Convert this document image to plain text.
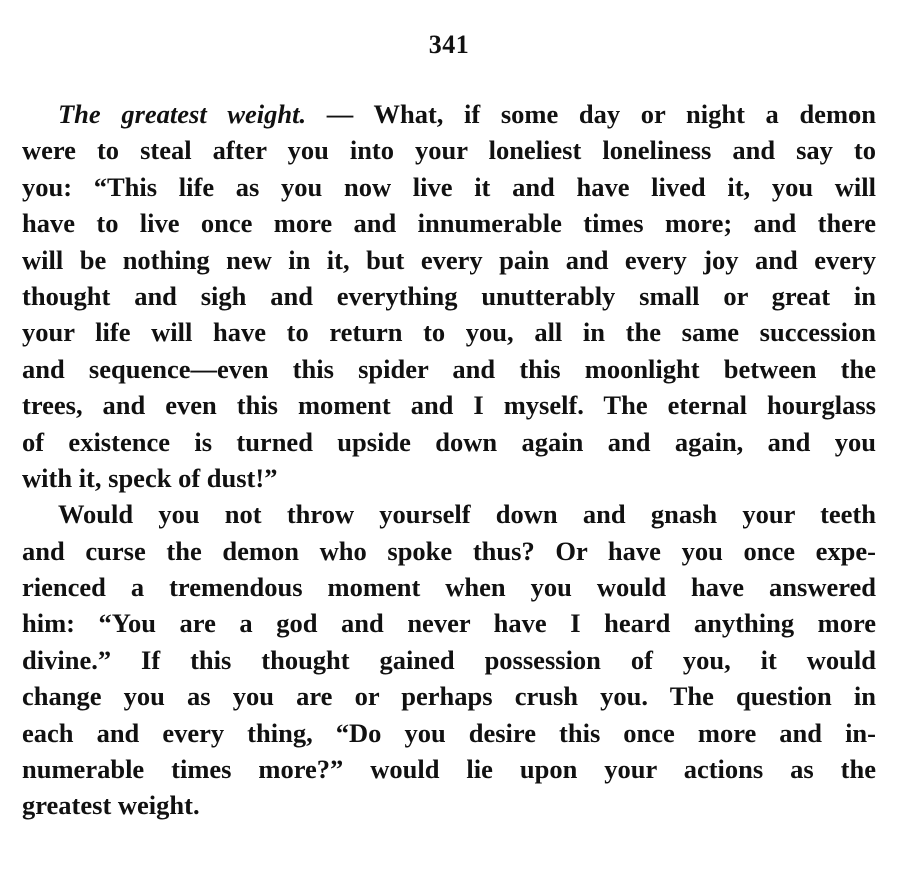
341
The greatest weight. — What, if some day or night a demon
were to steal after you into your loneliest loneliness and say to
you: “This life as you now live it and have lived it, you will
have to live once more and innumerable times more; and there
will be nothing new in it, but every pain and every joy and every
thought and sigh and everything unutterably small or great in
your life will have to return to you, all in the same succession
and sequence—even this spider and this moonlight between the
trees, and even this moment and I myself. The eternal hourglass
of existence is turned upside down again and again, and you
with it, speck of dust!”
Would you not throw yourself down and gnash your teeth
and curse the demon who spoke thus? Or have you once expe-
rienced a tremendous moment when you would have answered
him: “You are a god and never have I heard anything more
divine.” If this thought gained possession of you, it would
change you as you are or perhaps crush you. The question in
each and every thing, “Do you desire this once more and in-
numerable times more?” would lie upon your actions as the
greatest weight.
